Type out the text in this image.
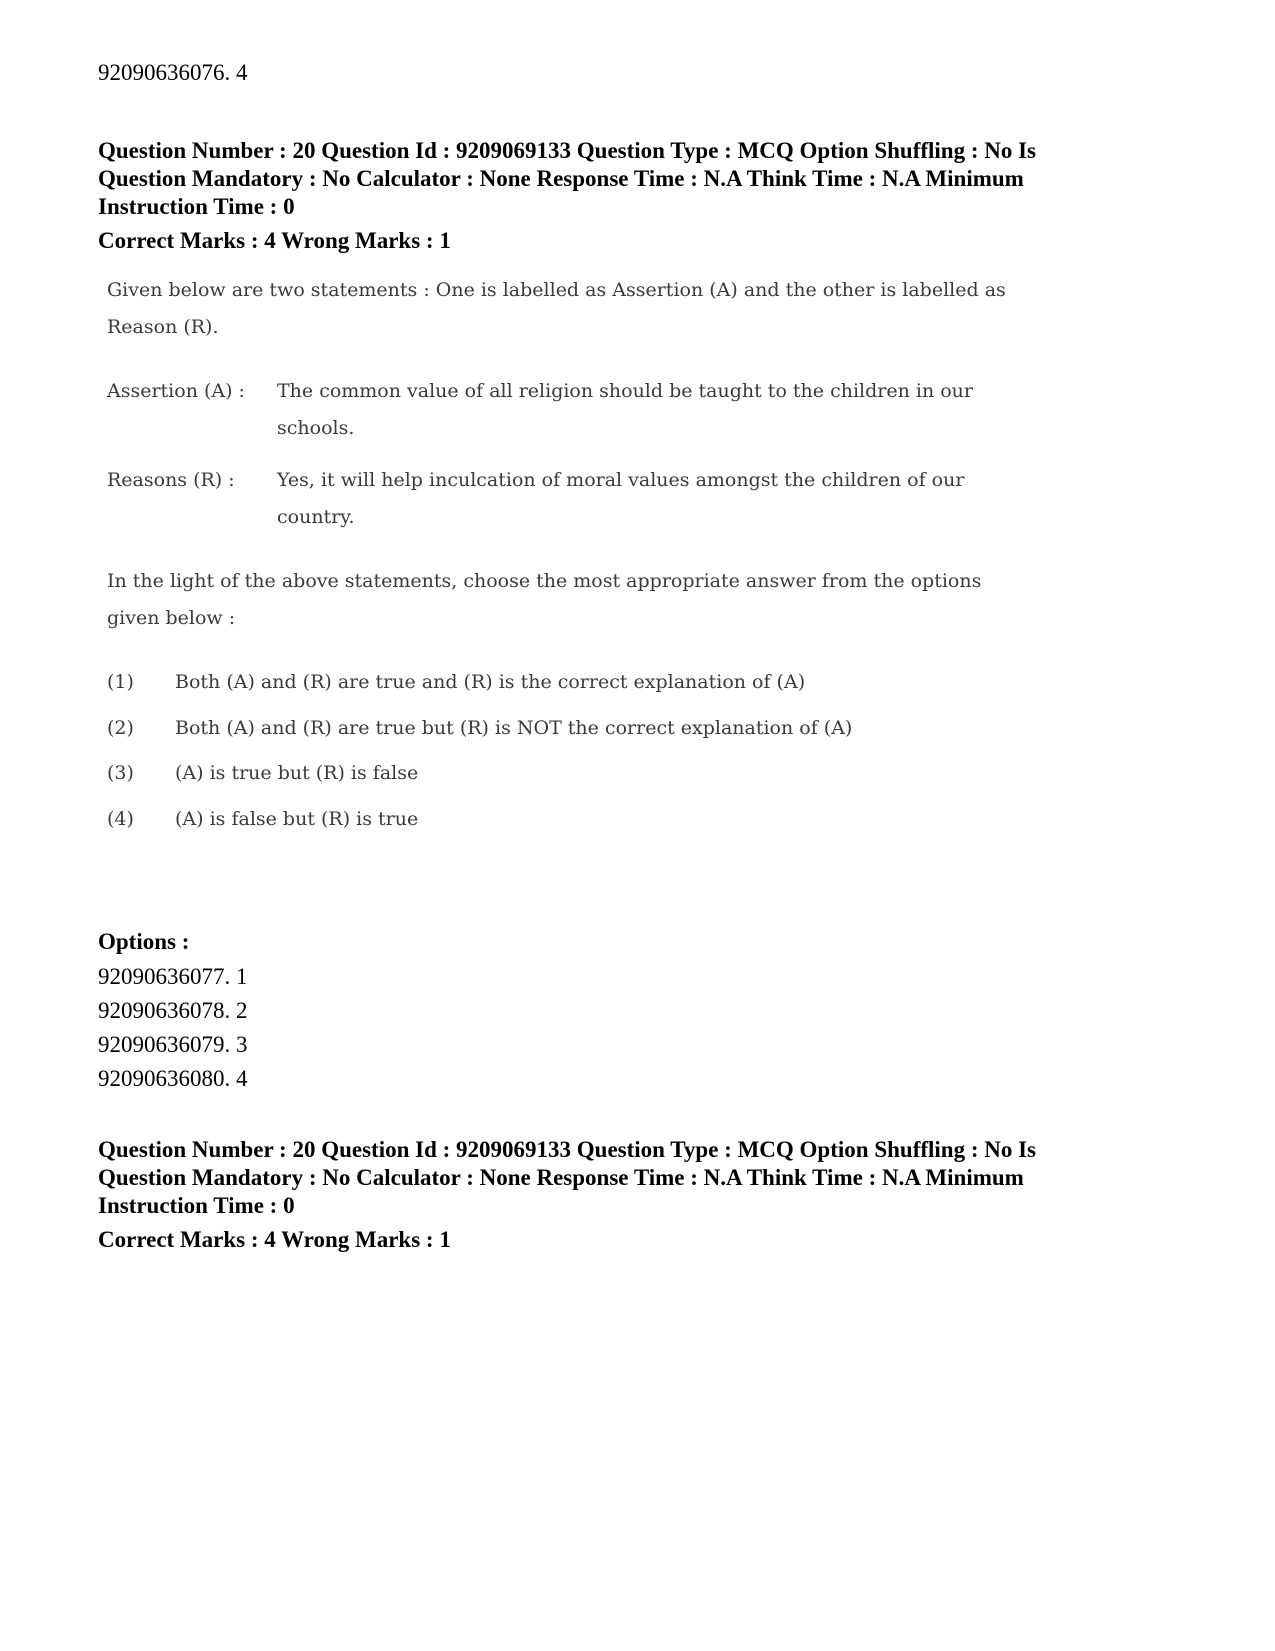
92090636076. 4
Question Number : 20 Question Id : 9209069133 Question Type : MCQ Option Shuffling : No Is
Question Mandatory : No Calculator : None Response Time : N.A Think Time : N.A Minimum
Instruction Time : 0
Correct Marks : 4 Wrong Marks : 1
Given below are two statements : One is labelled as Assertion (A) and the other is labelled as
Reason (R).
Assertion (A) : The common value of all religion should be taught to the children in our
schools.
Reasons (R) : Yes, it will help inculcation of moral values amongst the children of our
country.
In the light of the above statements, choose the most appropriate answer from the options
given below :
(1) Both (A) and (R) are true and (R) is the correct explanation of (A)
(2) Both (A) and (R) are true but (R) is NOT the correct explanation of (A)
(3) (A) is true but (R) is false
(4) (A) is false but (R) is true
Options :
92090636077. 1
92090636078. 2
92090636079. 3
92090636080. 4
Question Number : 20 Question Id : 9209069133 Question Type : MCQ Option Shuffling : No Is
Question Mandatory : No Calculator : None Response Time : N.A Think Time : N.A Minimum
Instruction Time : 0
Correct Marks : 4 Wrong Marks : 1
